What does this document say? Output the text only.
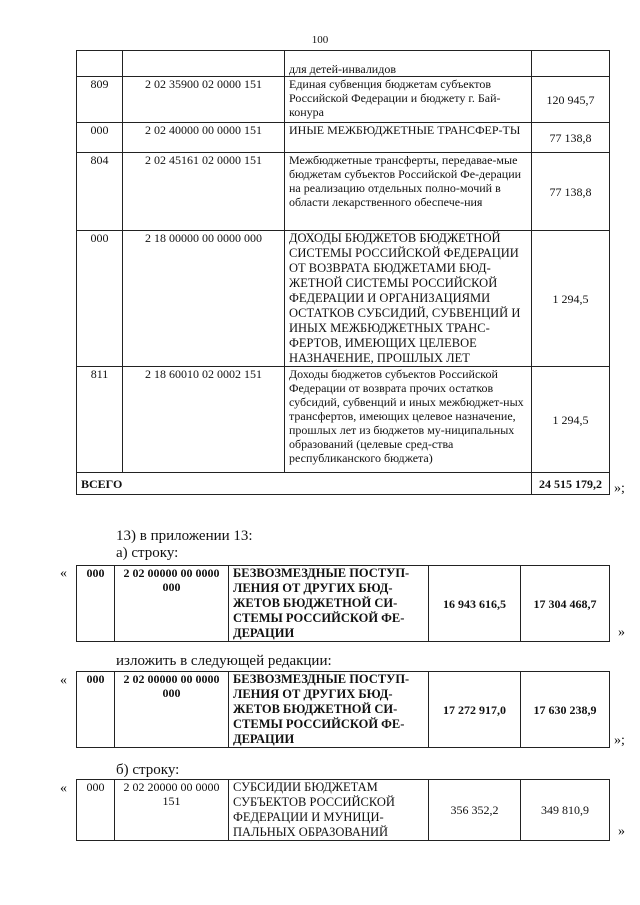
100
		для детей-инвалидов	
809	2 02 35900 02 0000 151	Единая субвенция бюджетам субъектов Российской Федерации и бюджету г. Бай-конура	120 945,7
000	2 02 40000 00 0000 151	ИНЫЕ МЕЖБЮДЖЕТНЫЕ ТРАНСФЕР-ТЫ	77 138,8
804	2 02 45161 02 0000 151	Межбюджетные трансферты, передавае-мые бюджетам субъектов Российской Фе-дерации на реализацию отдельных полно-мочий в области лекарственного обеспече-ния	77 138,8
000	2 18 00000 00 0000 000	ДОХОДЫ БЮДЖЕТОВ БЮДЖЕТНОЙ СИСТЕМЫ РОССИЙСКОЙ ФЕДЕРАЦИИ ОТ ВОЗВРАТА БЮДЖЕТАМИ БЮД-ЖЕТНОЙ СИСТЕМЫ РОССИЙСКОЙ ФЕДЕРАЦИИ И ОРГАНИЗАЦИЯМИ ОСТАТКОВ СУБСИДИЙ, СУБВЕНЦИЙ И ИНЫХ МЕЖБЮДЖЕТНЫХ ТРАНС-ФЕРТОВ, ИМЕЮЩИХ ЦЕЛЕВОЕ НАЗНАЧЕНИЕ, ПРОШЛЫХ ЛЕТ	1 294,5
811	2 18 60010 02 0002 151	Доходы бюджетов субъектов Российской Федерации от возврата прочих остатков субсидий, субвенций и иных межбюджет-ных трансфертов, имеющих целевое назначение, прошлых лет из бюджетов му-ниципальных образований (целевые сред-ства республиканского бюджета)	1 294,5
ВСЕГО			24 515 179,2 »;
13) в приложении 13:
а) строку:
« 000	2 02 00000 00 0000 000	БЕЗВОЗМЕЗДНЫЕ ПОСТУП-ЛЕНИЯ ОТ ДРУГИХ БЮД-ЖЕТОВ БЮДЖЕТНОЙ СИ-СТЕМЫ РОССИЙСКОЙ ФЕ-ДЕРАЦИИ	16 943 616,5	17 304 468,7
»
изложить в следующей редакции:
« 000	2 02 00000 00 0000 000	БЕЗВОЗМЕЗДНЫЕ ПОСТУП-ЛЕНИЯ ОТ ДРУГИХ БЮД-ЖЕТОВ БЮДЖЕТНОЙ СИ-СТЕМЫ РОССИЙСКОЙ ФЕ-ДЕРАЦИИ	17 272 917,0	17 630 238,9
»;
б) строку:
« 000	2 02 20000 00 0000 151	СУБСИДИИ БЮДЖЕТАМ СУБЪЕКТОВ РОССИЙСКОЙ ФЕДЕРАЦИИ И МУНИЦИ-ПАЛЬНЫХ ОБРАЗОВАНИЙ	356 352,2	349 810,9
»
